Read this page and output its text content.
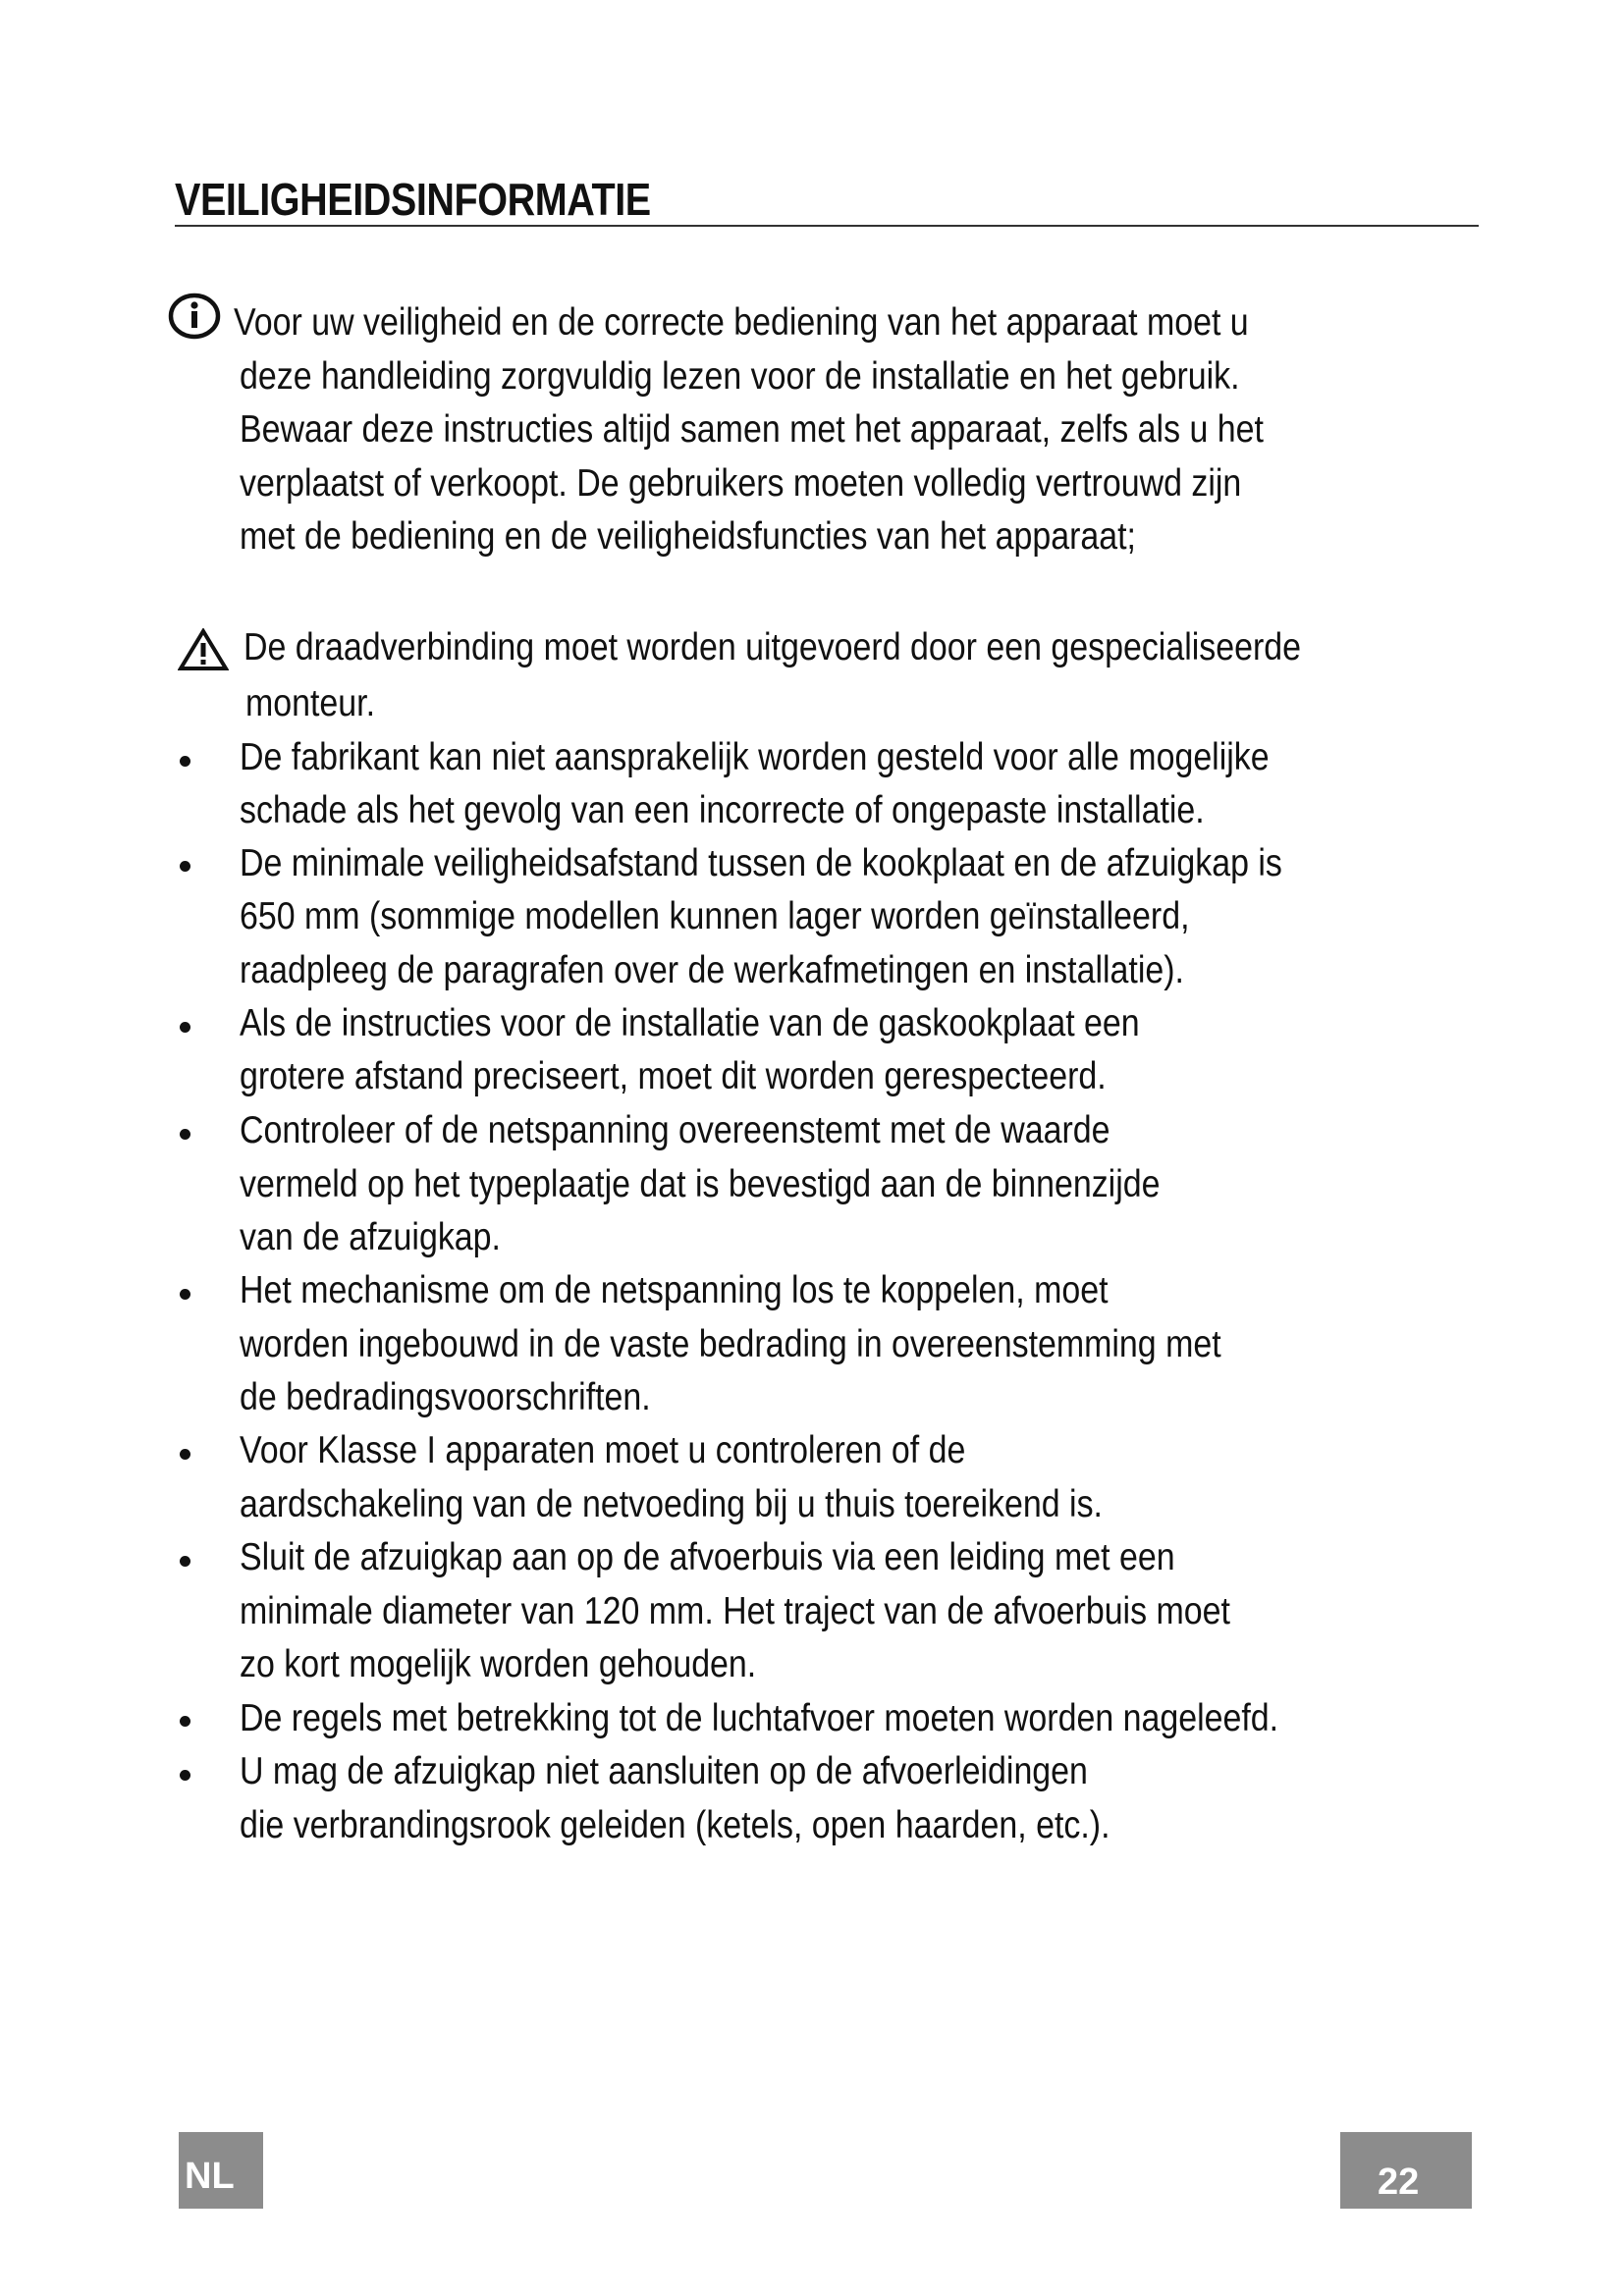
VEILIGHEIDSINFORMATIE
Voor uw veiligheid en de correcte bediening van het apparaat moet u
deze handleiding zorgvuldig lezen voor de installatie en het gebruik.
Bewaar deze instructies altijd samen met het apparaat, zelfs als u het
verplaatst of verkoopt. De gebruikers moeten volledig vertrouwd zijn
met de bediening en de veiligheidsfuncties van het apparaat;
De draadverbinding moet worden uitgevoerd door een gespecialiseerde
monteur.
De fabrikant kan niet aansprakelijk worden gesteld voor alle mogelijke
schade als het gevolg van een incorrecte of ongepaste installatie.
De minimale veiligheidsafstand tussen de kookplaat en de afzuigkap is
650 mm (sommige modellen kunnen lager worden geïnstalleerd,
raadpleeg de paragrafen over de werkafmetingen en installatie).
Als de instructies voor de installatie van de gaskookplaat een
grotere afstand preciseert, moet dit worden gerespecteerd.
Controleer of de netspanning overeenstemt met de waarde
vermeld op het typeplaatje dat is bevestigd aan de binnenzijde
van de afzuigkap.
Het mechanisme om de netspanning los te koppelen, moet
worden ingebouwd in de vaste bedrading in overeenstemming met
de bedradingsvoorschriften.
Voor Klasse I apparaten moet u controleren of de
aardschakeling van de netvoeding bij u thuis toereikend is.
Sluit de afzuigkap aan op de afvoerbuis via een leiding met een
minimale diameter van 120 mm. Het traject van de afvoerbuis moet
zo kort mogelijk worden gehouden.
De regels met betrekking tot de luchtafvoer moeten worden nageleefd.
U mag de afzuigkap niet aansluiten op de afvoerleidingen
die verbrandingsrook geleiden (ketels, open haarden, etc.).
NL	22
